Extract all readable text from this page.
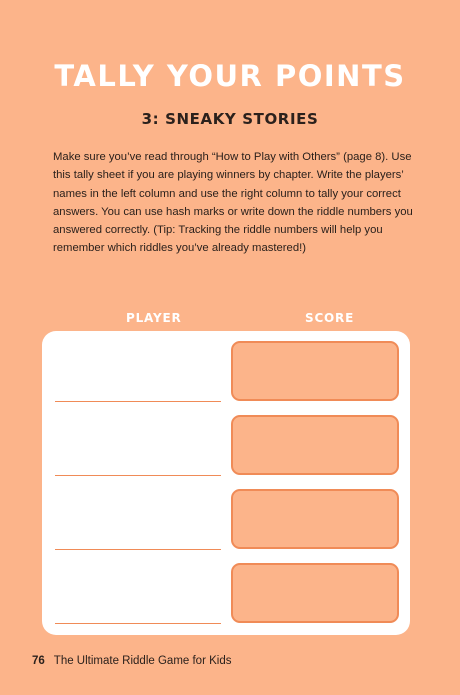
TALLY YOUR POINTS
3: SNEAKY STORIES

Make sure you’ve read through “How to Play with Others” (page 8). Use this tally sheet if you are playing winners by chapter. Write the players’ names in the left column and use the right column to tally your correct answers. You can use hash marks or write down the riddle numbers you answered correctly. (Tip: Tracking the riddle numbers will help you remember which riddles you’ve already mastered!)

PLAYER	SCORE
76 The Ultimate Riddle Game for Kids
